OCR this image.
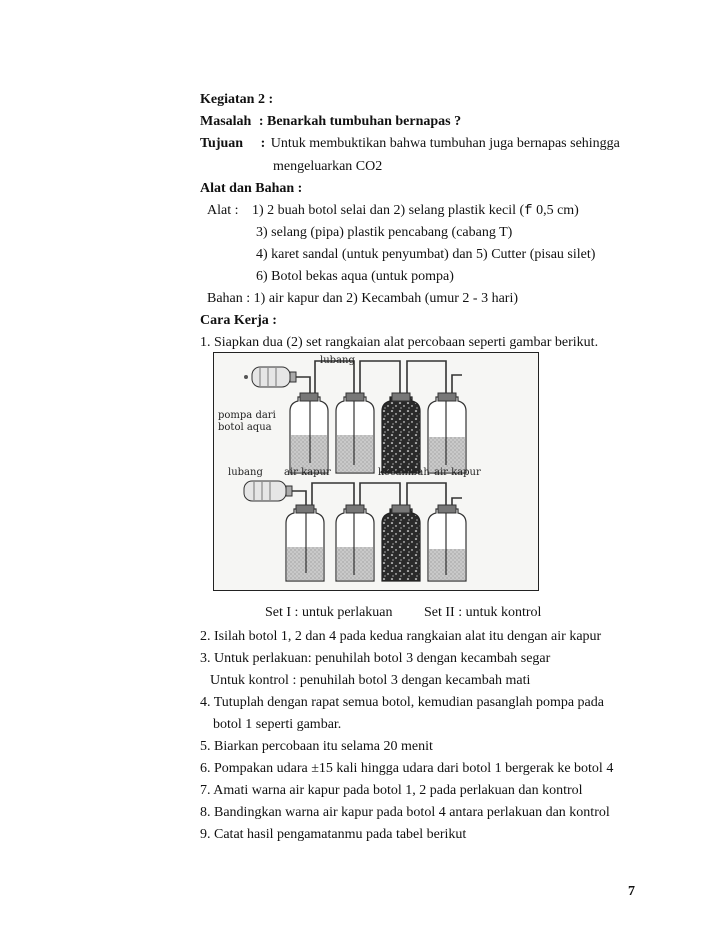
Kegiatan 2 :
Masalah : Benarkah tumbuhan bernapas ?
Tujuan : Untuk membuktikan bahwa tumbuhan juga bernapas sehingga
mengeluarkan CO2
Alat dan Bahan :
Alat : 1) 2 buah botol selai dan 2) selang plastik kecil (f 0,5 cm)
3) selang (pipa) plastik pencabang (cabang T)
4) karet sandal (untuk penyumbat) dan 5) Cutter (pisau silet)
6) Botol bekas aqua (untuk pompa)
Bahan : 1) air kapur dan 2) Kecambah (umur 2 - 3 hari)
Cara Kerja :
1. Siapkan dua (2) set rangkaian alat percobaan seperti gambar berikut.
lubang
pompa dari
botol aqua
lubang air kapur	kecambah air kapur
Set I : untuk perlakuan Set II : untuk kontrol
2. Isilah botol 1, 2 dan 4 pada kedua rangkaian alat itu dengan air kapur
3. Untuk perlakuan: penuhilah botol 3 dengan kecambah segar
Untuk kontrol : penuhilah botol 3 dengan kecambah mati
4. Tutuplah dengan rapat semua botol, kemudian pasanglah pompa pada
botol 1 seperti gambar.
5. Biarkan percobaan itu selama 20 menit
6. Pompakan udara ±15 kali hingga udara dari botol 1 bergerak ke botol 4
7. Amati warna air kapur pada botol 1, 2 pada perlakuan dan kontrol
8. Bandingkan warna air kapur pada botol 4 antara perlakuan dan kontrol
9. Catat hasil pengamatanmu pada tabel berikut
7
